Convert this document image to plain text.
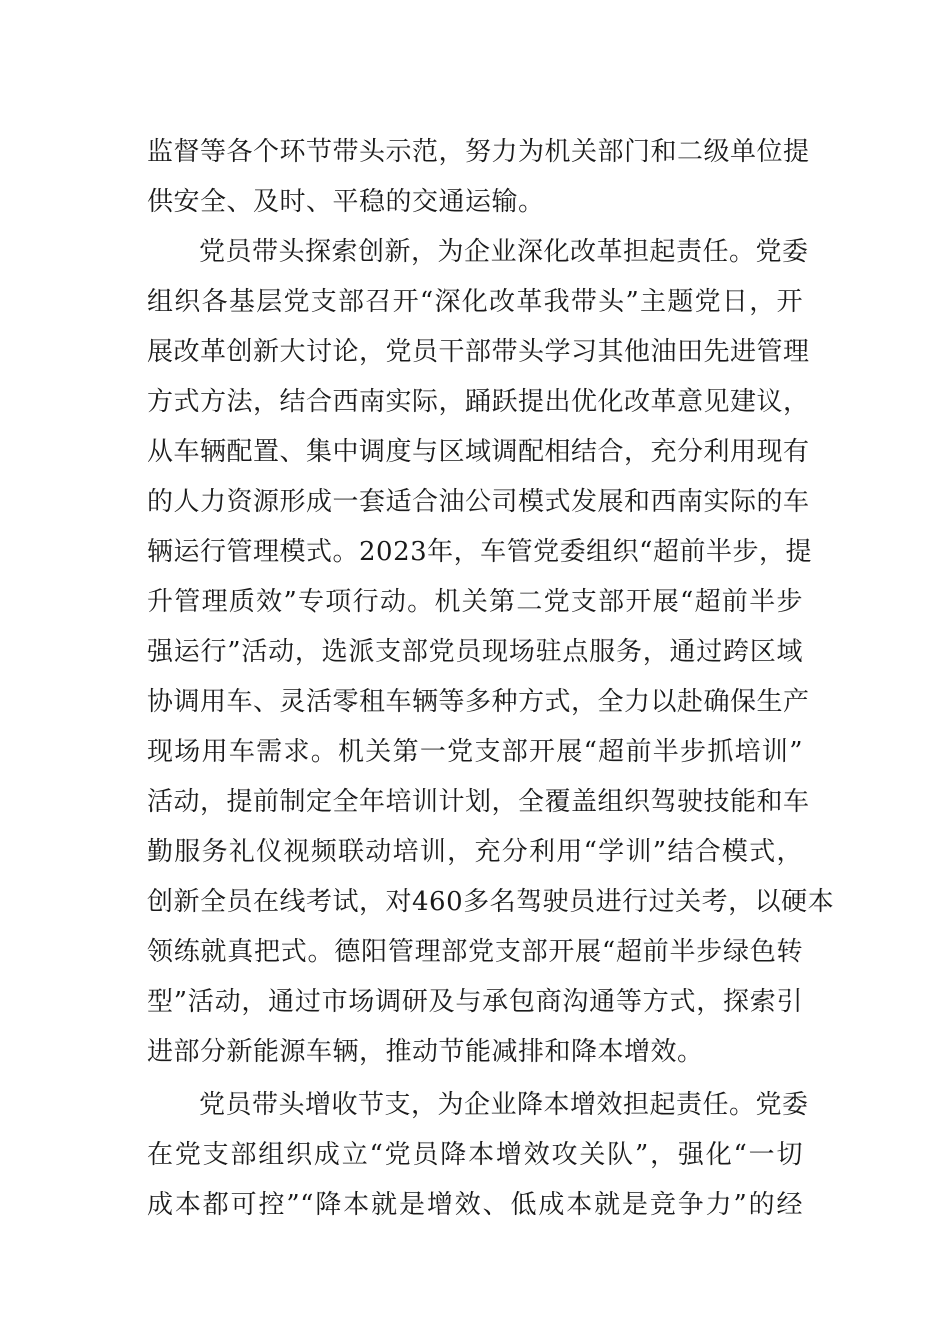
监督等各个环节带头示范，努力为机关部门和二级单位提
供安全、及时、平稳的交通运输。
党员带头探索创新，为企业深化改革担起责任。党委
组织各基层党支部召开“深化改革我带头”主题党日，开
展改革创新大讨论，党员干部带头学习其他油田先进管理
方式方法，结合西南实际，踊跃提出优化改革意见建议，
从车辆配置、集中调度与区域调配相结合，充分利用现有
的人力资源形成一套适合油公司模式发展和西南实际的车
辆运行管理模式。2023年，车管党委组织“超前半步，提
升管理质效”专项行动。机关第二党支部开展“超前半步
强运行”活动，选派支部党员现场驻点服务，通过跨区域
协调用车、灵活零租车辆等多种方式，全力以赴确保生产
现场用车需求。机关第一党支部开展“超前半步抓培训”
活动，提前制定全年培训计划，全覆盖组织驾驶技能和车
勤服务礼仪视频联动培训，充分利用“学训”结合模式，
创新全员在线考试，对460多名驾驶员进行过关考，以硬本
领练就真把式。德阳管理部党支部开展“超前半步绿色转
型”活动，通过市场调研及与承包商沟通等方式，探索引
进部分新能源车辆，推动节能减排和降本增效。
党员带头增收节支，为企业降本增效担起责任。党委
在党支部组织成立“党员降本增效攻关队”，强化“一切
成本都可控”“降本就是增效、低成本就是竞争力”的经
